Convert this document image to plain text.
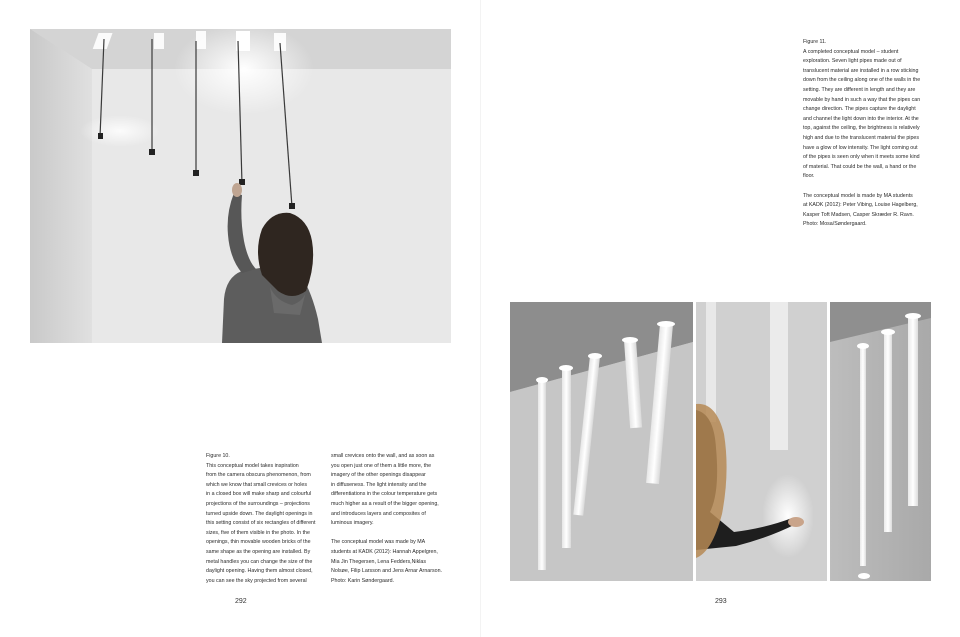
Figure 10.

This conceptual model takes inspiration

from the camera obscura phenomenon, from

which we know that small crevices or holes

in a closed box will make sharp and colourful

projections of the surroundings – projections

turned upside down. The daylight openings in

this setting consist of six rectangles of different

sizes, five of them visible in the photo. In the

openings, thin movable wooden bricks of the

same shape as the opening are installed. By

metal handles you can change the size of the

daylight opening. Having them almost closed,

you can see the sky projected from several

small crevices onto the wall, and as soon as

you open just one of them a little more, the

imagery of the other openings disappear

in diffuseness. The light intensity and the

differentiations in the colour temperature gets

much higher as a result of the bigger opening,

and introduces layers and composites of

luminous imagery.

The conceptual model was made by MA

students at KADK (2012): Hannah Appelgren,

Mia Jin Thegersen, Lena Fedders,Niklas

Nolsøe, Filip Larsson and Jens Arnar Arnarson.

Photo: Karin Søndergaard.

292

Figure 11.

A completed conceptual model – student

exploration. Seven light pipes made out of

translucent material are installed in a row sticking

down from the ceiling along one of the walls in the

setting. They are different in length and they are

movable by hand in such a way that the pipes can

change direction. The pipes capture the daylight

and channel the light down into the interior. At the

top, against the ceiling, the brightness is relatively

high and due to the translucent material the pipes

have a glow of low intensity. The light coming out

of the pipes is seen only when it meets some kind

of material. That could be the wall, a hand or the

floor.

The conceptual model is made by MA students

at KADK (2012): Peter Vibing, Louise Hagelberg,

Kasper Toft Madsen, Casper Skræder R. Ravn.

Photo: Mosa/Søndergaard.

293
